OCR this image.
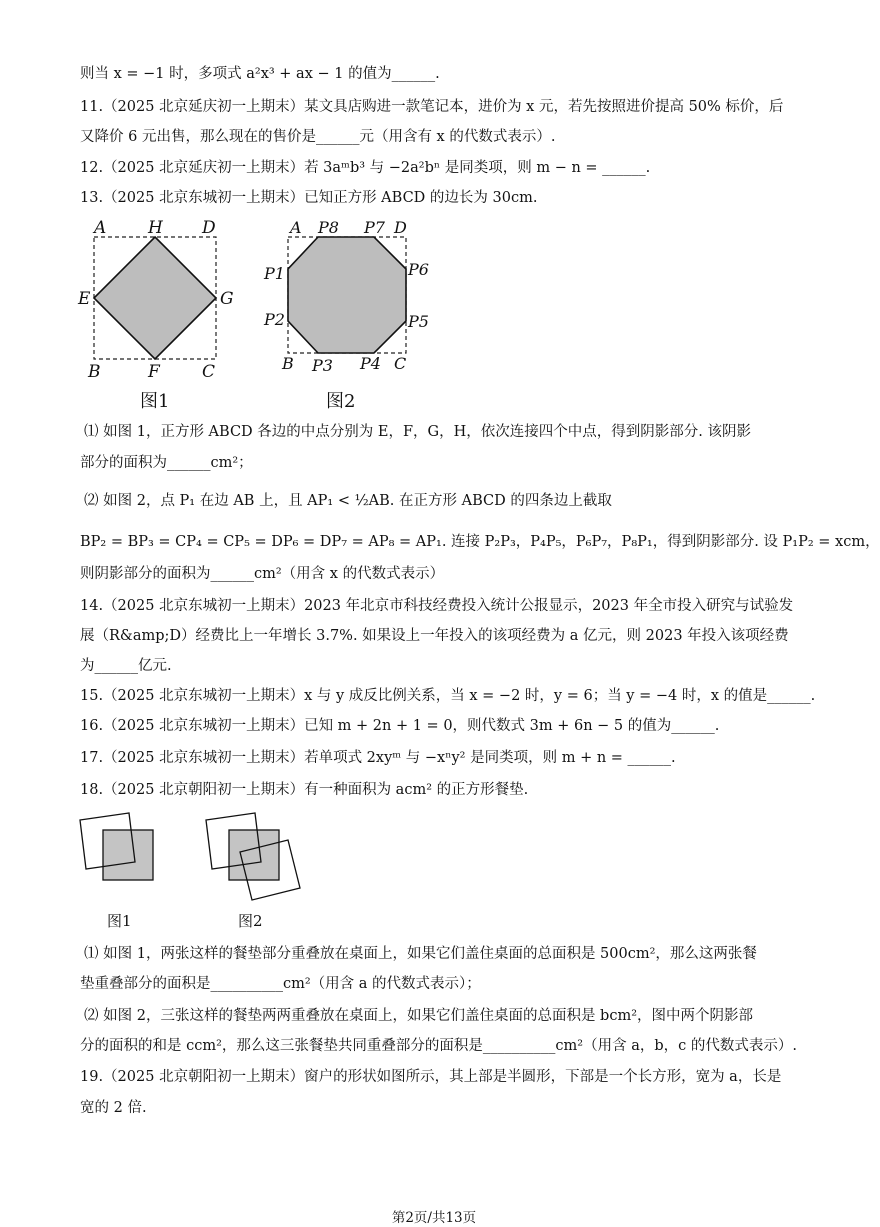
则当 x = −1 时，多项式 a²x³ + ax − 1 的值为______.
11.（2025 北京延庆初一上期末）某文具店购进一款笔记本，进价为 x 元，若先按照进价提高 50% 标价，后
又降价 6 元出售，那么现在的售价是______元（用含有 x 的代数式表示）.
12.（2025 北京延庆初一上期末）若 3aᵐb³ 与 −2a²bⁿ 是同类项，则 m − n = ______.
13.（2025 北京东城初一上期末）已知正方形 ABCD 的边长为 30cm.
A H D
E	G
B	F C
图1
A P8 P7 D
P1	P6
P2	P5
B P3 P4 C
图2
⑴ 如图 1，正方形 ABCD 各边的中点分别为 E，F，G，H，依次连接四个中点，得到阴影部分. 该阴影
部分的面积为______cm²；
⑵ 如图 2，点 P₁ 在边 AB 上，且 AP₁ < ½AB. 在正方形 ABCD 的四条边上截取
BP₂ = BP₃ = CP₄ = CP₅ = DP₆ = DP₇ = AP₈ = AP₁. 连接 P₂P₃，P₄P₅，P₆P₇，P₈P₁，得到阴影部分. 设 P₁P₂ = xcm，
则阴影部分的面积为______cm²（用含 x 的代数式表示）
14.（2025 北京东城初一上期末）2023 年北京市科技经费投入统计公报显示，2023 年全市投入研究与试验发
展（R&amp;D）经费比上一年增长 3.7%. 如果设上一年投入的该项经费为 a 亿元，则 2023 年投入该项经费
为______亿元.
15.（2025 北京东城初一上期末）x 与 y 成反比例关系，当 x = −2 时，y = 6；当 y = −4 时，x 的值是______.
16.（2025 北京东城初一上期末）已知 m + 2n + 1 = 0，则代数式 3m + 6n − 5 的值为______.
17.（2025 北京东城初一上期末）若单项式 2xyᵐ 与 −xⁿy² 是同类项，则 m + n = ______.
18.（2025 北京朝阳初一上期末）有一种面积为 acm² 的正方形餐垫.
图1	图2
⑴ 如图 1，两张这样的餐垫部分重叠放在桌面上，如果它们盖住桌面的总面积是 500cm²，那么这两张餐
垫重叠部分的面积是__________cm²（用含 a 的代数式表示）；
⑵ 如图 2，三张这样的餐垫两两重叠放在桌面上，如果它们盖住桌面的总面积是 bcm²，图中两个阴影部
分的面积的和是 ccm²，那么这三张餐垫共同重叠部分的面积是__________cm²（用含 a，b，c 的代数式表示）.
19.（2025 北京朝阳初一上期末）窗户的形状如图所示，其上部是半圆形，下部是一个长方形，宽为 a，长是
宽的 2 倍.
第2页/共13页
